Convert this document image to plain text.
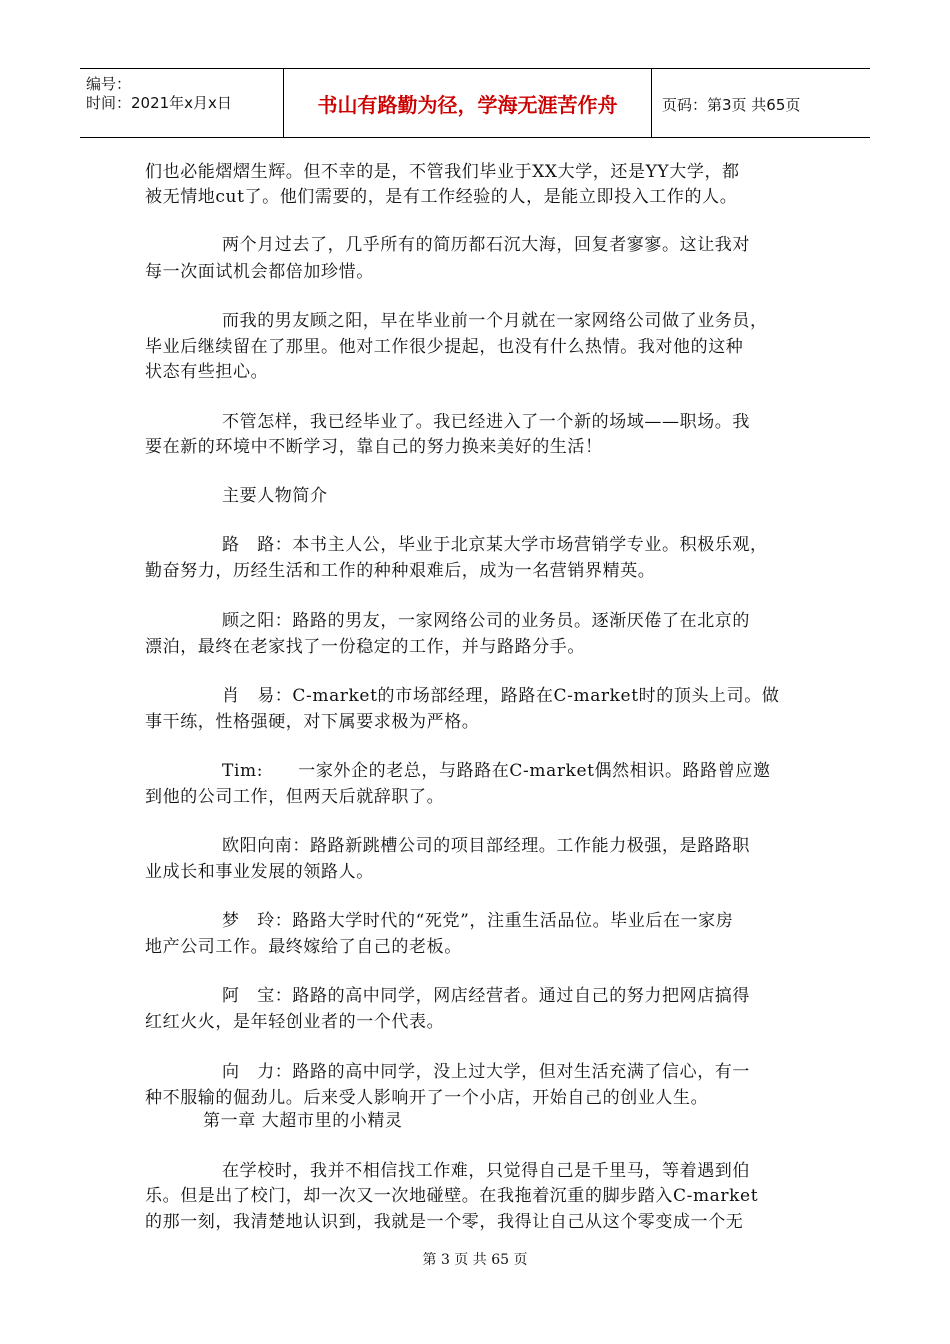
编号：
时间：2021年x月x日	书山有路勤为径，学海无涯苦作舟	页码：第3页 共65页
们也必能熠熠生辉。但不幸的是，不管我们毕业于XX大学，还是YY大学，都
被无情地cut了。他们需要的，是有工作经验的人，是能立即投入工作的人。
两个月过去了，几乎所有的简历都石沉大海，回复者寥寥。这让我对
每一次面试机会都倍加珍惜。
而我的男友顾之阳，早在毕业前一个月就在一家网络公司做了业务员，
毕业后继续留在了那里。他对工作很少提起，也没有什么热情。我对他的这种
状态有些担心。
不管怎样，我已经毕业了。我已经进入了一个新的场域——职场。我
要在新的环境中不断学习，靠自己的努力换来美好的生活！
主要人物简介
路　路：本书主人公，毕业于北京某大学市场营销学专业。积极乐观，
勤奋努力，历经生活和工作的种种艰难后，成为一名营销界精英。
顾之阳：路路的男友，一家网络公司的业务员。逐渐厌倦了在北京的
漂泊，最终在老家找了一份稳定的工作，并与路路分手。
肖　易：C-market的市场部经理，路路在C-market时的顶头上司。做
事干练，性格强硬，对下属要求极为严格。
Tim:　　一家外企的老总，与路路在C-market偶然相识。路路曾应邀
到他的公司工作，但两天后就辞职了。
欧阳向南：路路新跳槽公司的项目部经理。工作能力极强，是路路职
业成长和事业发展的领路人。
梦　玲：路路大学时代的“死党”，注重生活品位。毕业后在一家房
地产公司工作。最终嫁给了自己的老板。
阿　宝：路路的高中同学，网店经营者。通过自己的努力把网店搞得
红红火火，是年轻创业者的一个代表。
向　力：路路的高中同学，没上过大学，但对生活充满了信心，有一
种不服输的倔劲儿。后来受人影响开了一个小店，开始自己的创业人生。
第一章 大超市里的小精灵
在学校时，我并不相信找工作难，只觉得自己是千里马，等着遇到伯
乐。但是出了校门，却一次又一次地碰壁。在我拖着沉重的脚步踏入C-market
的那一刻，我清楚地认识到，我就是一个零，我得让自己从这个零变成一个无
第 3 页 共 65 页
